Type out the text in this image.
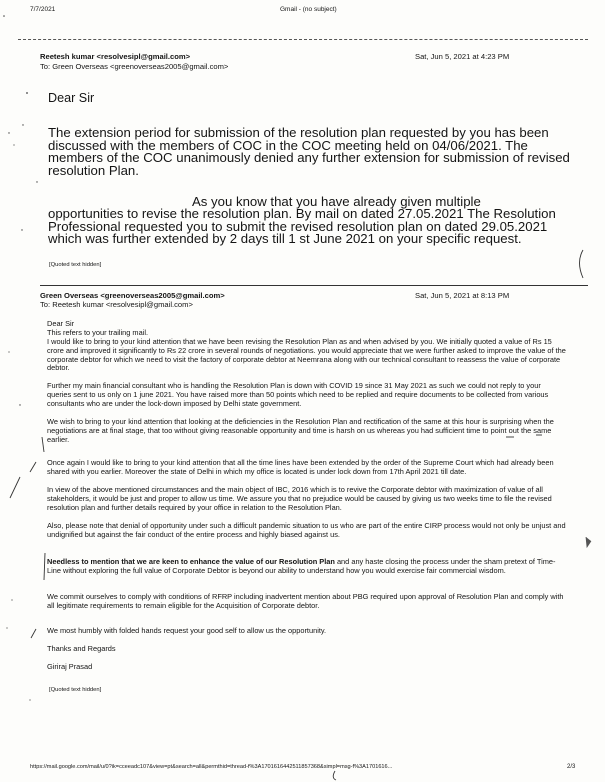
7/7/2021	Gmail - (no subject)
Reetesh kumar <resolvesipl@gmail.com>
To: Green Overseas <greenoverseas2005@gmail.com>
Sat, Jun 5, 2021 at 4:23 PM
Dear Sir

The extension period for submission of the resolution plan requested by you has been discussed with the members of COC in the COC meeting held on 04/06/2021. The members of the COC unanimously denied any further extension for submission of revised resolution Plan.

As you know that you have already given multiple

opportunities to revise the resolution plan. By mail on dated 27.05.2021 The Resolution Professional requested you to submit the revised resolution plan on dated 29.05.2021 which was further extended by 2 days till 1 st June 2021 on your specific request.

[Quoted text hidden]
Green Overseas <greenoverseas2005@gmail.com>
To: Reetesh kumar <resolvesipl@gmail.com>
Sat, Jun 5, 2021 at 8:13 PM

Dear Sir

This refers to your trailing mail.

I would like to bring to your kind attention that we have been revising the Resolution Plan as and when advised by you. We initially quoted a value of Rs 15 crore and improved it significantly to Rs 22 crore in several rounds of negotiations. you would appreciate that we were further asked to improve the value of the corporate debtor for which we need to visit the factory of corporate debtor at Neemrana along with our technical consultant to reassess the value of corporate debtor.

Further my main financial consultant who is handling the Resolution Plan is down with COVID 19 since 31 May 2021 as such we could not reply to your queries sent to us only on 1 june 2021. You have raised more than 50 points which need to be replied and require documents to be collected from various consultants who are under the lock-down imposed by Delhi state government.

We wish to bring to your kind attention that looking at the deficiencies in the Resolution Plan and rectification of the same at this hour is surprising when the negotiations are at final stage, that too without giving reasonable opportunity and time is harsh on us whereas you had sufficient time to point out the same earlier.

Once again I would like to bring to your kind attention that all the time lines have been extended by the order of the Supreme Court which had already been shared with you earlier. Moreover the state of Delhi in which my office is located is under lock down from 17th April 2021 till date.

In view of the above mentioned circumstances and the main object of IBC, 2016 which is to revive the Corporate debtor with maximization of value of all stakeholders, it would be just and proper to allow us time. We assure you that no prejudice would be caused by giving us two weeks time to file the revised resolution plan and further details required by your office in relation to the Resolution Plan.

Also, please note that denial of opportunity under such a difficult pandemic situation to us who are part of the entire CIRP process would not only be unjust and undignified but against the fair conduct of the entire process and highly biased against us.

Needless to mention that we are keen to enhance the value of our Resolution Plan and any haste closing the process under the sham pretext of Time-Line without exploring the full value of Corporate Debtor is beyond our ability to understand how you would exercise fair commercial wisdom.

We commit ourselves to comply with conditions of RFRP including inadvertent mention about PBG required upon approval of Resolution Plan and comply with all legitimate requirements to remain eligible for the Acquisition of Corporate debtor.

We most humbly with folded hands request your good self to allow us the opportunity.

Thanks and Regards

Giriraj Prasad

[Quoted text hidden]
https://mail.google.com/mail/u/0?ik=cceeadc107&view=pt&search=all&permthid=thread-f%3A1701616442511857368&simpl=msg-f%3A1701616...	2/3
